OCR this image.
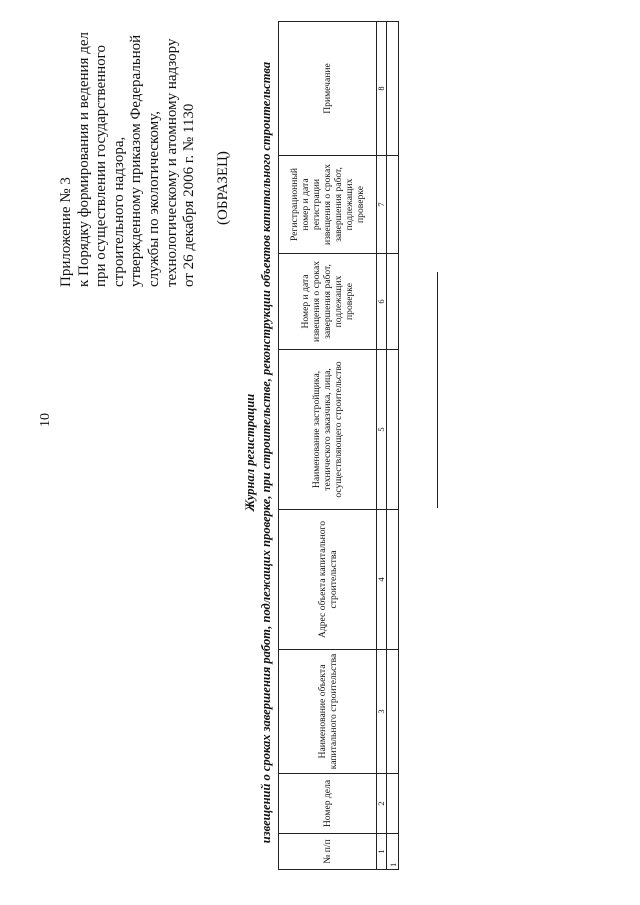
10
Приложение № 3 к Порядку формирования и ведения дел при осуществлении государственного строительного надзора, утвержденному приказом Федеральной службы по экологическому, технологическому и атомному надзору от 26 декабря 2006 г. № 1130 (ОБРАЗЕЦ)
Журнал регистрации извещений о сроках завершения работ, подлежащих проверке, при строительстве, реконструкции объектов капитального строительства
№ п/п	Номер дела	Наименование объекта капитального строительства	Адрес объекта капитального строительства	Наименование застройщика, технического заказчика, лица, осуществляющего строительство	Номер и дата извещения о сроках завершения работ, подлежащих проверке	Регистрационный номер и дата регистрации извещения о сроках завершения работ, подлежащих проверке	Примечание
1	2	3	4	5	6	7	8
1							
